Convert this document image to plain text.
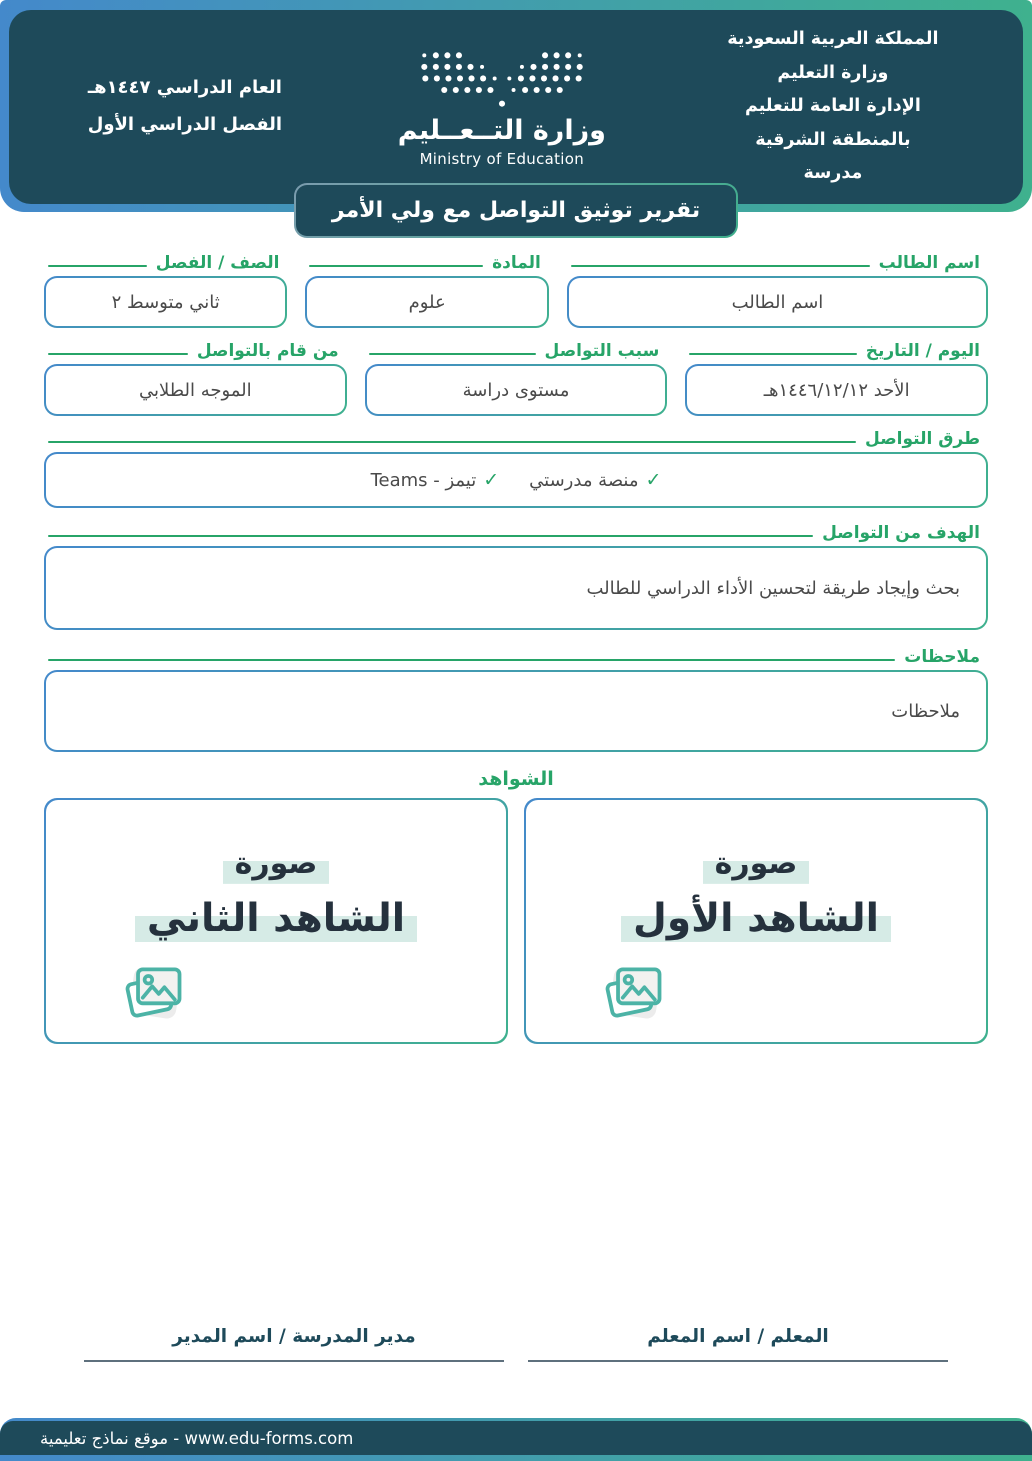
المملكة العربية السعودية
وزارة التعليم
الإدارة العامة للتعليم
بالمنطقة الشرقية
مدرسة
وزارة التــعــليم
Ministry of Education
العام الدراسي ١٤٤٧هـ
الفصل الدراسي الأول
تقرير توثيق التواصل مع ولي الأمر
اسم الطالب
اسم الطالب
المادة
علوم
الصف / الفصل
ثاني متوسط ٢
اليوم / التاريخ
الأحد ١٤٤٦/١٢/١٢هـ
سبب التواصل
مستوى دراسة
من قام بالتواصل
الموجه الطلابي
طرق التواصل
✓
منصة مدرستي
✓
تيمز - Teams
الهدف من التواصل
بحث وإيجاد طريقة لتحسين الأداء الدراسي للطالب
ملاحظات
ملاحظات
الشواهد
صورة
الشاهد الأول
صورة
الشاهد الثاني
المعلم / اسم المعلم
مدير المدرسة / اسم المدير
www.edu-forms.com - موقع نماذج تعليمية
